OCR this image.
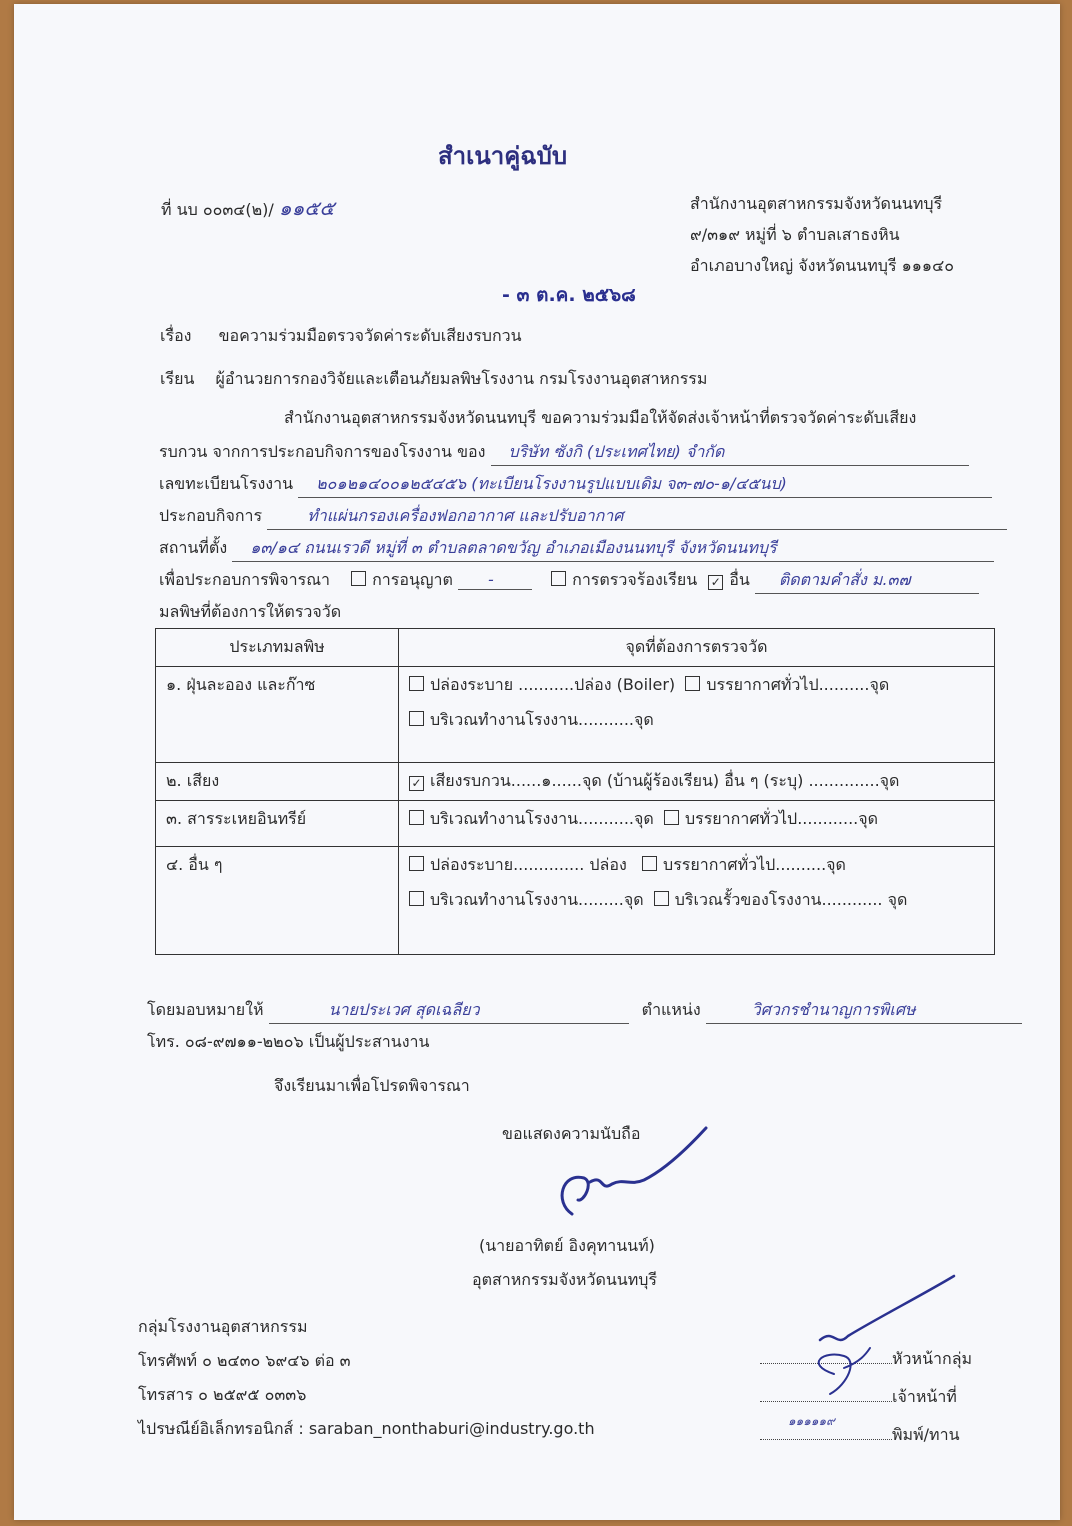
สำเนาคู่ฉบับ
ที่ นบ ๐๐๓๔(๒)/ ๑๑๕๕	สำนักงานอุตสาหกรรมจังหวัดนนทบุรี
๙/๓๑๙ หมู่ที่ ๖ ตำบลเสาธงหิน
อำเภอบางใหญ่ จังหวัดนนทบุรี ๑๑๑๔๐
- ๓ ต.ค. ๒๕๖๘
เรื่อง ขอความร่วมมือตรวจวัดค่าระดับเสียงรบกวน
เรียน ผู้อำนวยการกองวิจัยและเตือนภัยมลพิษโรงงาน กรมโรงงานอุตสาหกรรม
สำนักงานอุตสาหกรรมจังหวัดนนทบุรี ขอความร่วมมือให้จัดส่งเจ้าหน้าที่ตรวจวัดค่าระดับเสียง
รบกวน จากการประกอบกิจการของโรงงาน ของ บริษัท ซังกิ (ประเทศไทย) จำกัด
เลขทะเบียนโรงงาน ๒๐๑๒๑๔๐๐๑๒๕๔๕๖ (ทะเบียนโรงงานรูปแบบเดิม จ๓-๗๐-๑/๔๕นบ)
ประกอบกิจการ	ทำแผ่นกรองเครื่องฟอกอากาศ และปรับอากาศ
สถานที่ตั้ง ๑๓/๑๔ ถนนเรวดี หมู่ที่ ๓ ตำบลตลาดขวัญ อำเภอเมืองนนทบุรี จังหวัดนนทบุรี
เพื่อประกอบการพิจารณา	การอนุญาต -	การตรวจร้องเรียน ✓ อื่น ติดตามคำสั่ง ม.๓๗
มลพิษที่ต้องการให้ตรวจวัด
ประเภทมลพิษ	จุดที่ต้องการตรวจวัด
๑. ฝุ่นละออง และก๊าซ	ปล่องระบาย ...........ปล่อง (Boiler) บรรยากาศทั่วไป..........จุด
บริเวณทำงานโรงงาน...........จุด

๒. เสียง	✓ เสียงรบกวน......๑......จุด (บ้านผู้ร้องเรียน) อื่น ๆ (ระบุ) ..............จุด
๓. สารระเหยอินทรีย์	บริเวณทำงานโรงงาน...........จุด บรรยากาศทั่วไป............จุด
๔. อื่น ๆ	ปล่องระบาย.............. ปล่อง บรรยากาศทั่วไป..........จุด
บริเวณทำงานโรงงาน.........จุด บริเวณรั้วของโรงงาน............ จุด
โดยมอบหมายให้	นายประเวศ สุดเฉลียว	ตำแหน่ง	วิศวกรชำนาญการพิเศษ
โทร. ๐๘-๙๗๑๑-๒๒๐๖ เป็นผู้ประสานงาน
จึงเรียนมาเพื่อโปรดพิจารณา
ขอแสดงความนับถือ
(นายอาทิตย์ อิงคุทานนท์)
อุตสาหกรรมจังหวัดนนทบุรี
กลุ่มโรงงานอุตสาหกรรม
โทรศัพท์ ๐ ๒๔๓๐ ๖๙๔๖ ต่อ ๓
โทรสาร ๐ ๒๕๙๕ ๐๓๓๖
ไปรษณีย์อิเล็กทรอนิกส์ : saraban_nonthaburi@industry.go.th
หัวหน้ากลุ่ม
เจ้าหน้าที่
พิมพ์/ทาน
๑๑๑๑๑๙
